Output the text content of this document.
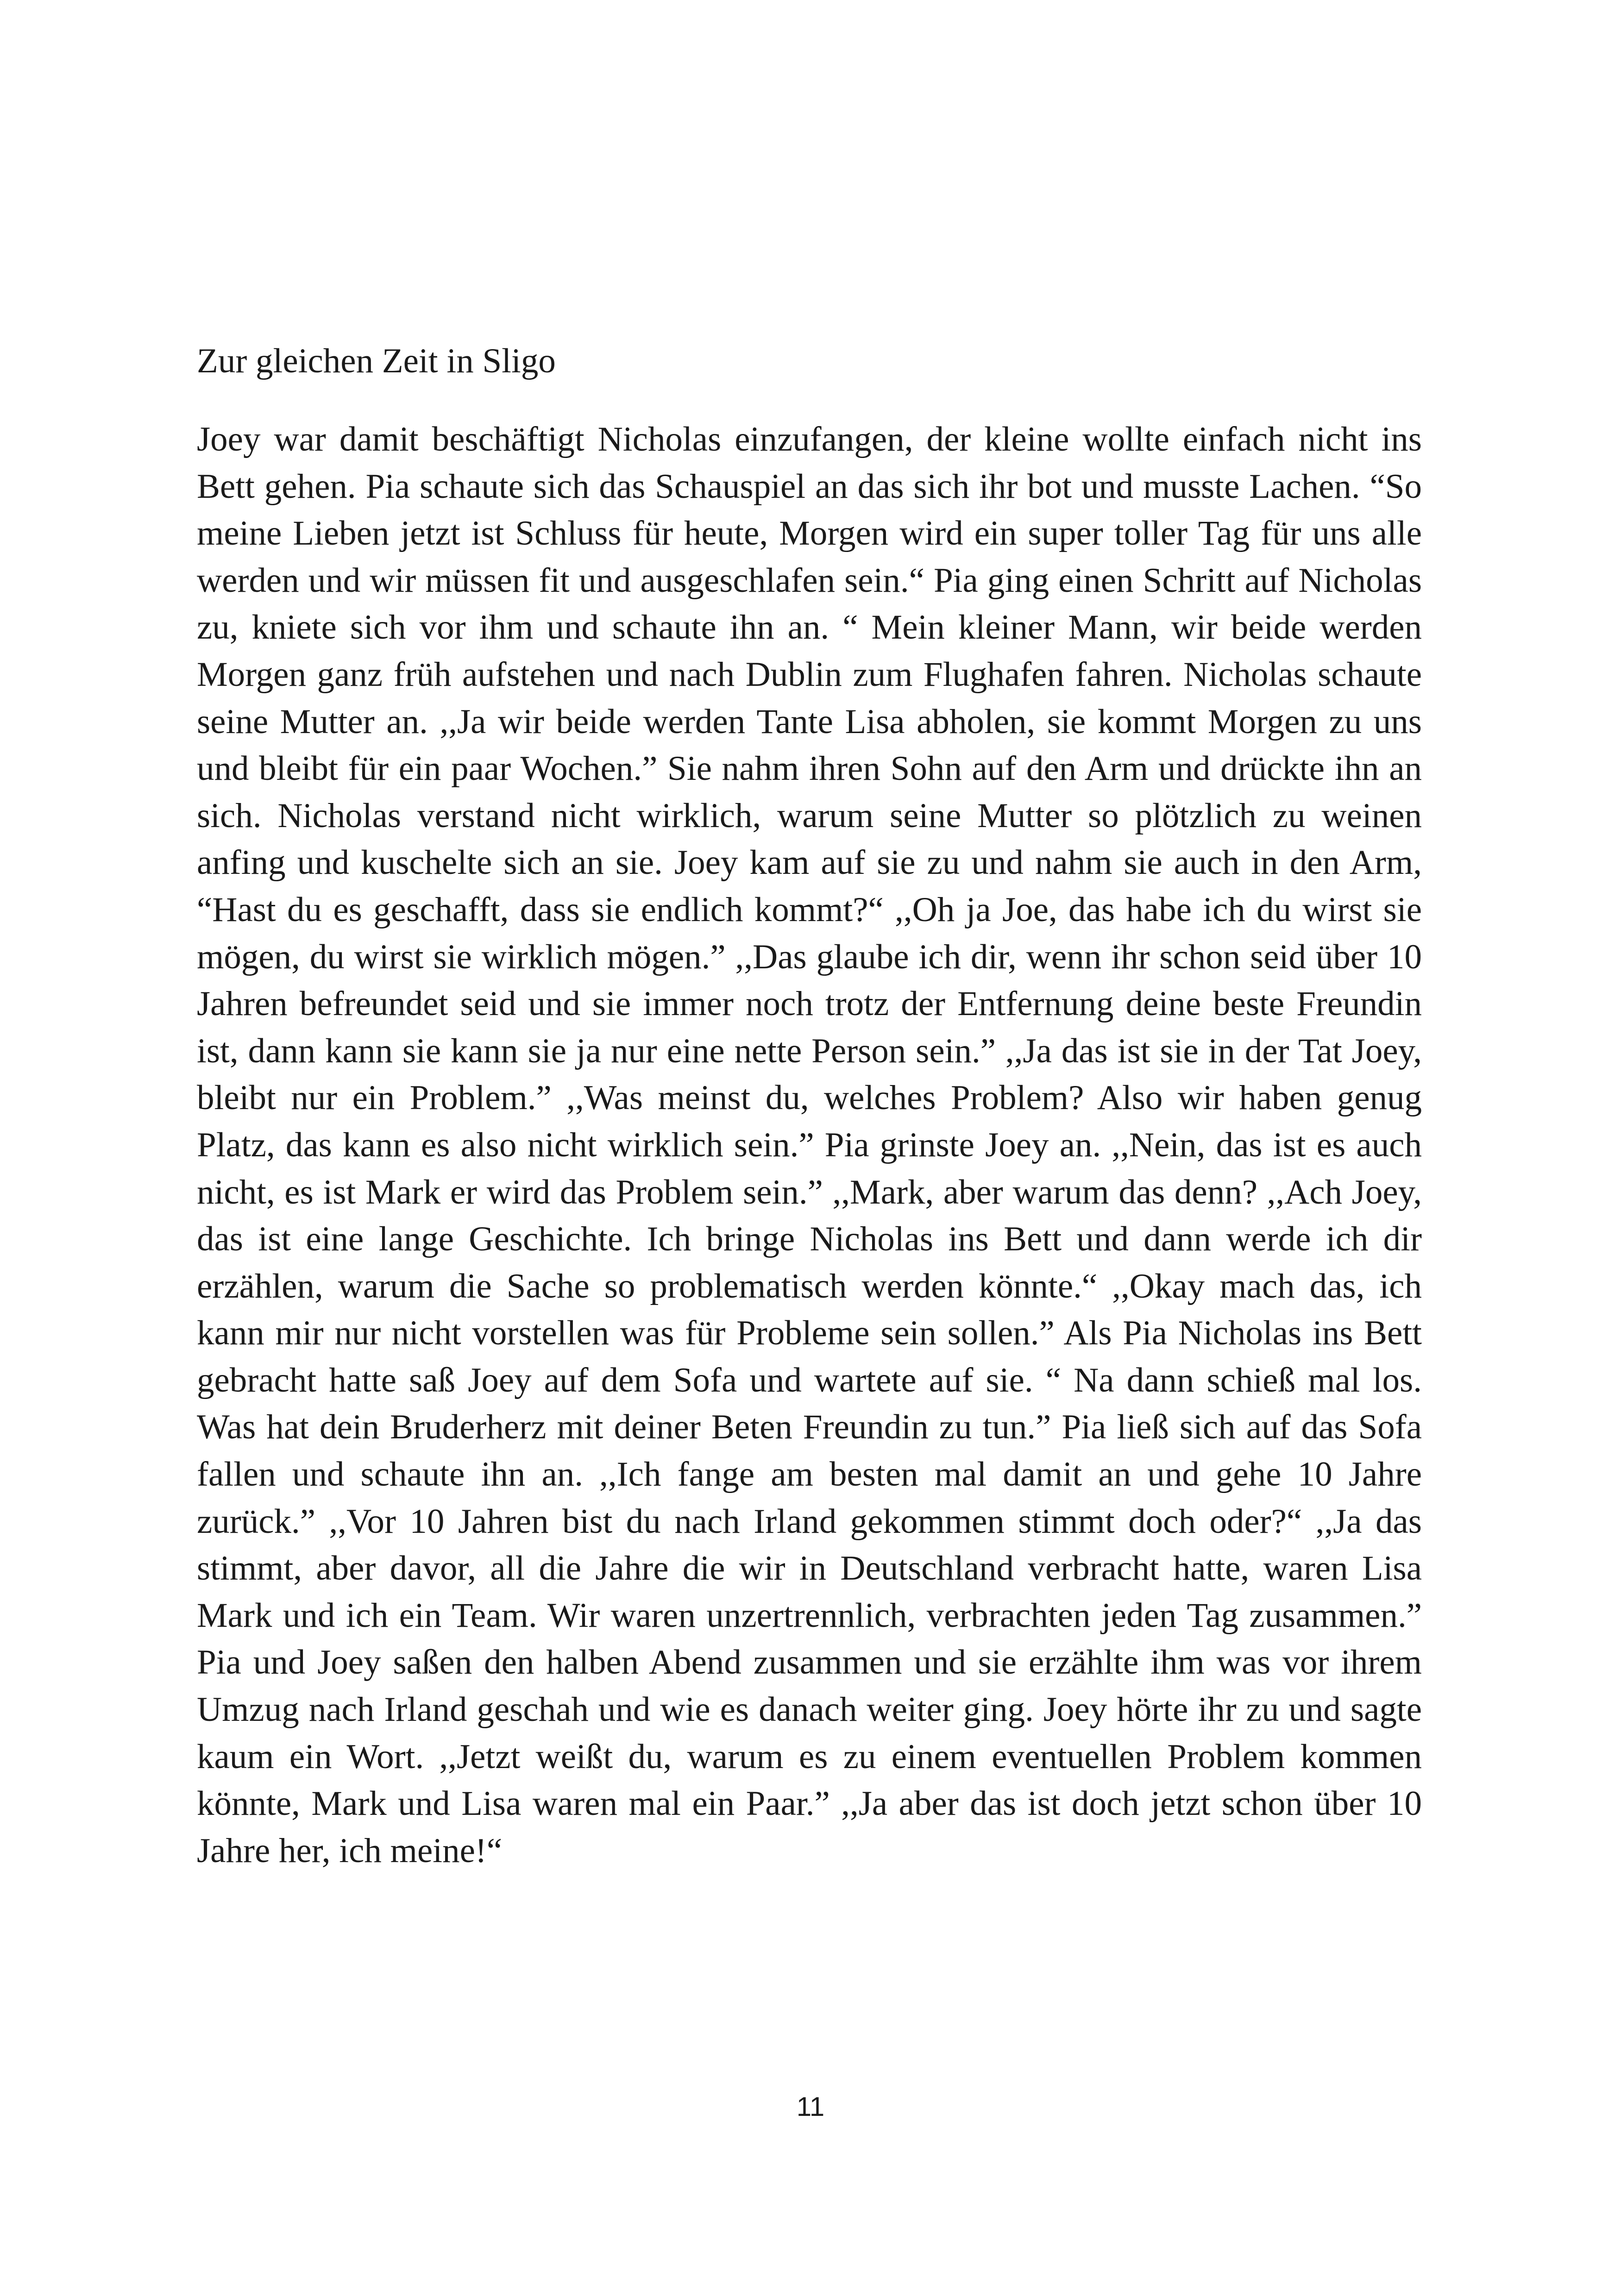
Zur gleichen Zeit in Sligo

Joey war damit beschäftigt Nicholas einzufangen, der kleine wollte einfach nicht ins Bett gehen. Pia schaute sich das Schauspiel an das sich ihr bot und musste Lachen. “So meine Lieben jetzt ist Schluss für heute, Morgen wird ein super toller Tag für uns alle werden und wir müssen fit und ausgeschlafen sein.“ Pia ging einen Schritt auf Nicholas zu, kniete sich vor ihm und schaute ihn an. “ Mein kleiner Mann, wir beide werden Morgen ganz früh aufstehen und nach Dublin zum Flughafen fahren. Nicholas schaute seine Mutter an. ,,Ja wir beide werden Tante Lisa abholen, sie kommt Morgen zu uns und bleibt für ein paar Wochen.” Sie nahm ihren Sohn auf den Arm und drückte ihn an sich. Nicholas verstand nicht wirklich, warum seine Mutter so plötzlich zu weinen anfing und kuschelte sich an sie. Joey kam auf sie zu und nahm sie auch in den Arm, “Hast du es geschafft, dass sie endlich kommt?“ ,,Oh ja Joe, das habe ich du wirst sie mögen, du wirst sie wirklich mögen.” ,,Das glaube ich dir, wenn ihr schon seid über 10 Jahren befreundet seid und sie immer noch trotz der Entfernung deine beste Freundin ist, dann kann sie kann sie ja nur eine nette Person sein.” ,,Ja das ist sie in der Tat Joey, bleibt nur ein Problem.” ,,Was meinst du, welches Problem? Also wir haben genug Platz, das kann es also nicht wirklich sein.” Pia grinste Joey an. ,,Nein, das ist es auch nicht, es ist Mark er wird das Problem sein.” ,,Mark, aber warum das denn? ,,Ach Joey, das ist eine lange Geschichte. Ich bringe Nicholas ins Bett und dann werde ich dir erzählen, warum die Sache so problematisch werden könnte.“ ,,Okay mach das, ich kann mir nur nicht vorstellen was für Probleme sein sollen.” Als Pia Nicholas ins Bett gebracht hatte saß Joey auf dem Sofa und wartete auf sie. “ Na dann schieß mal los. Was hat dein Bruderherz mit deiner Beten Freundin zu tun.” Pia ließ sich auf das Sofa fallen und schaute ihn an. ,,Ich fange am besten mal damit an und gehe 10 Jahre zurück.” ,,Vor 10 Jahren bist du nach Irland gekommen stimmt doch oder?“ ,,Ja das stimmt, aber davor, all die Jahre die wir in Deutschland verbracht hatte, waren Lisa Mark und ich ein Team. Wir waren unzertrennlich, verbrachten jeden Tag zusammen.” Pia und Joey saßen den halben Abend zusammen und sie erzählte ihm was vor ihrem Umzug nach Irland geschah und wie es danach weiter ging. Joey hörte ihr zu und sagte kaum ein Wort. ,,Jetzt weißt du, warum es zu einem eventuellen Problem kommen könnte, Mark und Lisa waren mal ein Paar.” ,,Ja aber das ist doch jetzt schon über 10 Jahre her, ich meine!“

11
